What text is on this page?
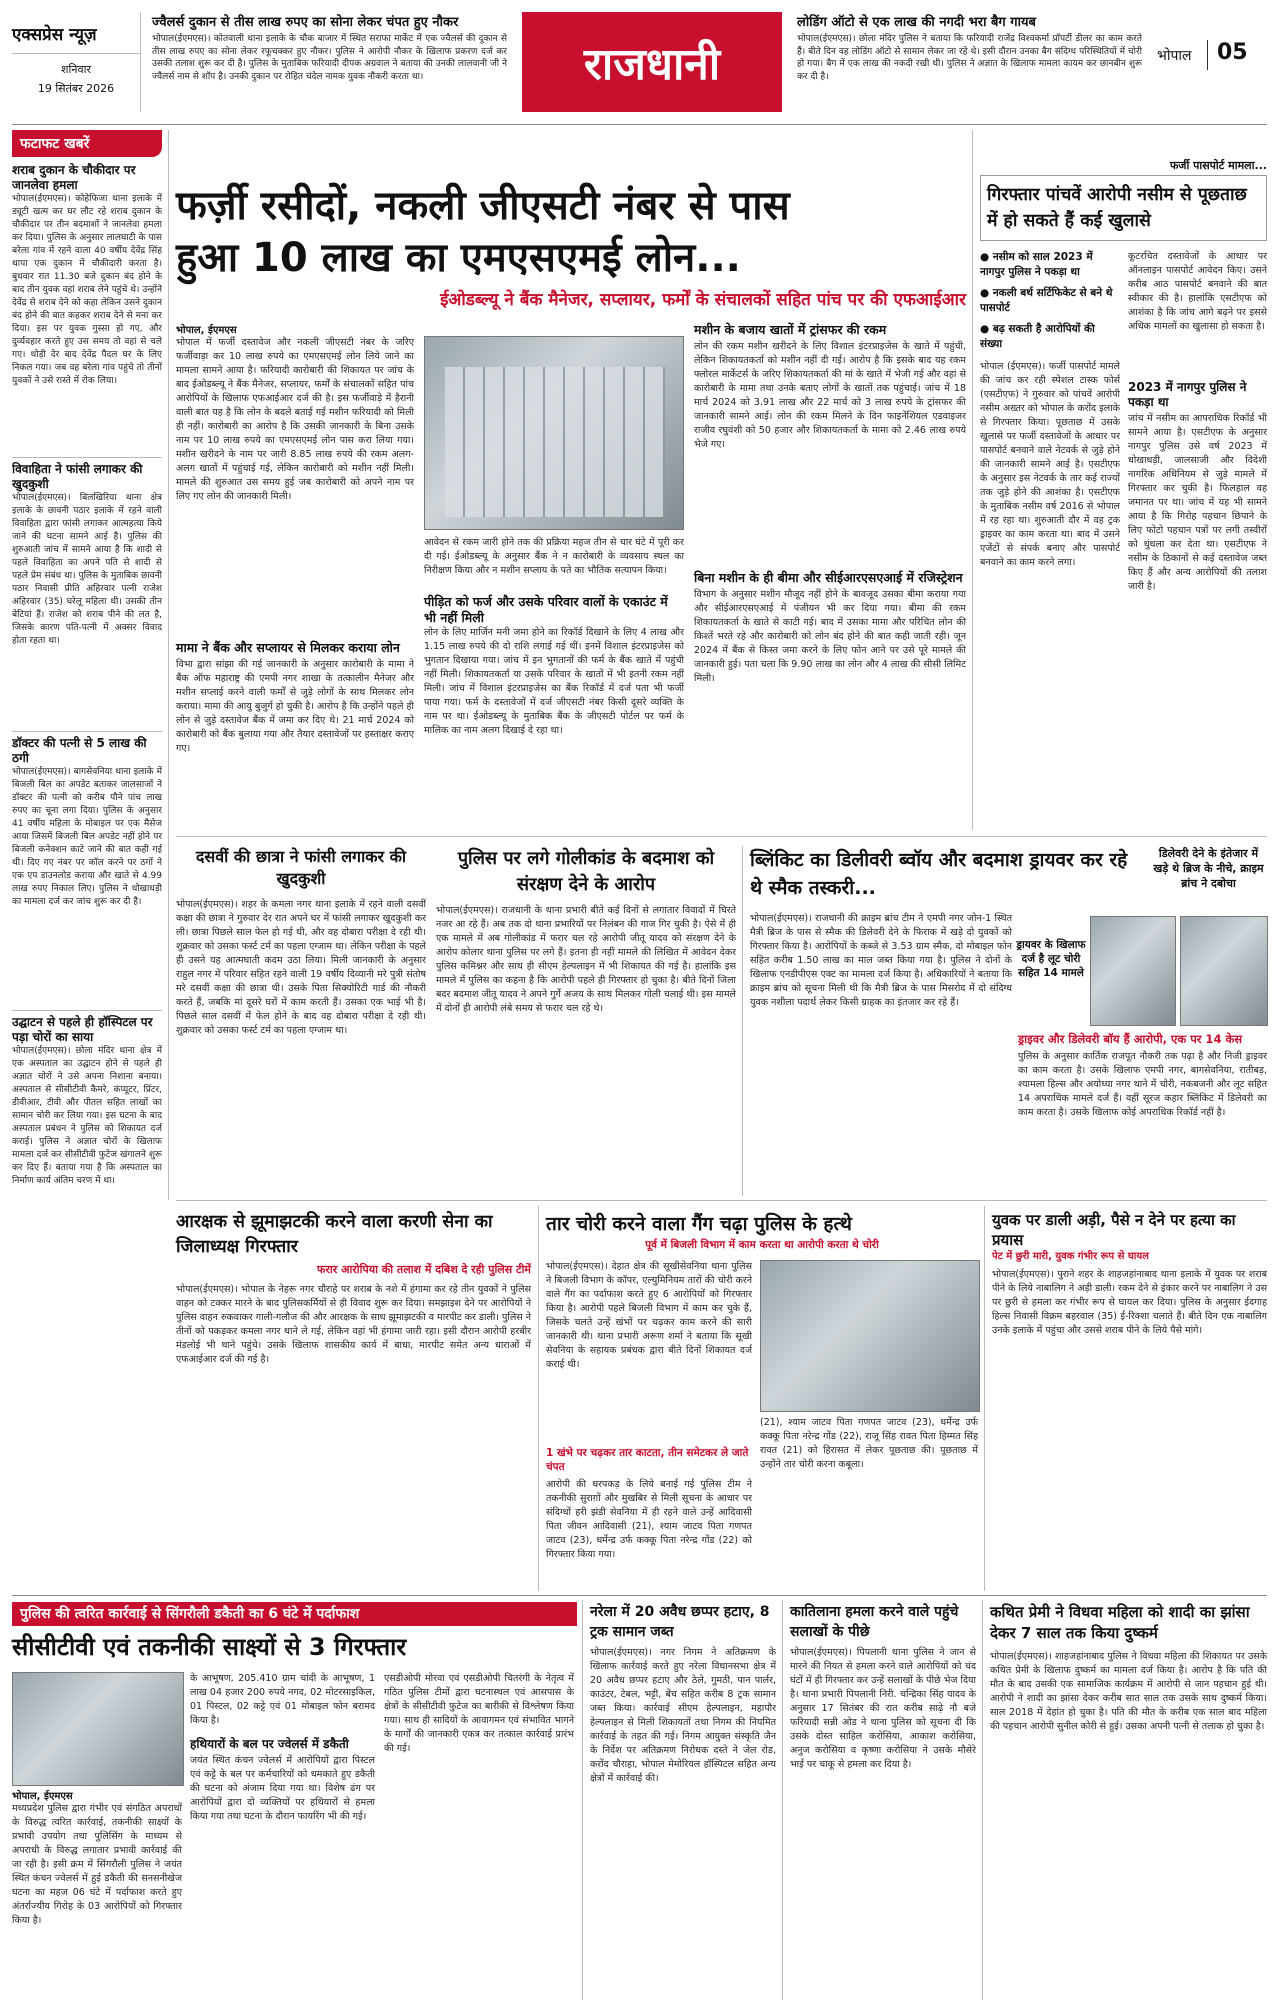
एक्सप्रेस न्यूज़
शनिवार
19 सितंबर 2026
ज्वैलर्स दुकान से तीस लाख रुपए का सोना लेकर चंपत हुए नौकर
भोपाल(ईएमएस)। कोतवाली थाना इलाके के चौक बाजार में स्थित सराफा मार्केट में एक ज्वैलर्स की दुकान से तीस लाख रुपए का सोना लेकर रफूचक्कर हुए नौकर। पुलिस ने आरोपी नौकर के खिलाफ प्रकरण दर्ज कर उसकी तलाश शुरू कर दी है। पुलिस के मुताबिक फरियादी दीपक अग्रवाल ने बताया की उनकी लालवानी जी ने ज्वैलर्स नाम से शॉप है। उनकी दुकान पर रोहित चंदेल नामक युवक नौकरी करता था।	राजधानी
लोडिंग ऑटो से एक लाख की नगदी भरा बैग गायब
भोपाल(ईएमएस)। छोला मंदिर पुलिस ने बताया कि फरियादी राजेंद्र विश्वकर्मा प्रॉपर्टी डीलर का काम करते हैं। बीते दिन वह लोडिंग ऑटो से सामान लेकर जा रहे थे। इसी दौरान उनका बैग संदिग्ध परिस्थितियों में चोरी हो गया। बैग में एक लाख की नकदी रखी थी। पुलिस ने अज्ञात के खिलाफ मामला कायम कर छानबीन शुरू कर दी है।
भोपाल 05
फटाफट खबरें
शराब दुकान के चौकीदार पर जानलेवा हमला
भोपाल(ईएमएस)। कोहेफिजा थाना इलाके में ड्यूटी खत्म कर घर लौट रहे शराब दुकान के चौकीदार पर तीन बदमाशों ने जानलेवा हमला कर दिया। पुलिस के अनुसार लालघाटी के पास बरेला गांव में रहने वाला 40 वर्षीय देवेंद्र सिंह थापा एक दुकान में चौकीदारी करता है। बुधवार रात 11.30 बजे दुकान बंद होने के बाद तीन युवक वहां शराब लेने पहुंचे थे। उन्होंने देवेंद्र से शराब देने को कहा लेकिन उसने दुकान बंद होने की बात कहकर शराब देने से मना कर दिया। इस पर युवक गुस्सा हो गए, और दुर्व्यवहार करते हुए उस समय तो वहां से चले गए। थोड़ी देर बाद देवेंद्र पैदल घर के लिए निकल गया। जब वह बरेला गांव पहुंचे तो तीनों युवकों ने उसे रास्ते में रोक लिया।
विवाहिता ने फांसी लगाकर की खुदकुशी
भोपाल(ईएमएस)। बिलखिरिया थाना क्षेत्र इलाके के छावनी पठार इलाके में रहने वाली विवाहिता द्वारा फांसी लगाकर आत्महत्या किये जाने की घटना सामने आई है। पुलिस की शुरुआती जांच में सामने आया है कि शादी से पहले विवाहिता का अपने पति से शादी से पहले प्रेम संबंध था। पुलिस के मुताबिक छावनी पठार निवासी प्रीति अहिरवार पत्नी राजेश अहिरवार (35) घरेलू महिला थी। उसकी तीन बेटियां हैं। राजेश को शराब पीने की लत है, जिसके कारण पति-पत्नी में अक्सर विवाद होता रहता था।
डॉक्टर की पत्नी से 5 लाख की ठगी
भोपाल(ईएमएस)। बागसेवनिया थाना इलाके में बिजली बिल का अपडेट बताकर जालसाजों ने डॉक्टर की पत्नी को करीब पौने पांच लाख रुपए का चूना लगा दिया। पुलिस के अनुसार 41 वर्षीय महिला के मोबाइल पर एक मैसेज आया जिसमें बिजली बिल अपडेट नहीं होने पर बिजली कनेक्शन काटे जाने की बात कही गई थी। दिए गए नंबर पर कॉल करने पर ठगों ने एक एप डाउनलोड कराया और खाते से 4.99 लाख रुपए निकाल लिए। पुलिस ने धोखाधड़ी का मामला दर्ज कर जांच शुरू कर दी है।
उद्घाटन से पहले ही हॉस्पिटल पर पड़ा चोरों का साया
भोपाल(ईएमएस)। छोला मंदिर थाना क्षेत्र में एक अस्पताल का उद्घाटन होने से पहले ही अज्ञात चोरों ने उसे अपना निशाना बनाया। अस्पताल से सीसीटीवी कैमरे, कंप्यूटर, प्रिंटर, डीवीआर, टीवी और पीतल सहित लाखों का सामान चोरी कर लिया गया। इस घटना के बाद अस्पताल प्रबंधन ने पुलिस को शिकायत दर्ज कराई। पुलिस ने अज्ञात चोरों के खिलाफ मामला दर्ज कर सीसीटीवी फुटेज खंगालने शुरू कर दिए हैं। बताया गया है कि अस्पताल का निर्माण कार्य अंतिम चरण में था।
फर्ज़ी रसीदों, नकली जीएसटी नंबर से पास
हुआ 10 लाख का एमएसएमई लोन...
ईओडब्ल्यू ने बैंक मैनेजर, सप्लायर, फर्मों के संचालकों सहित पांच पर की एफआईआर
भोपाल, ईएमएस
भोपाल में फर्जी दस्तावेज और नकली जीएसटी नंबर के जरिए फर्जीवाड़ा कर 10 लाख रुपये का एमएसएमई लोन लिये जाने का मामला सामने आया है। फरियादी कारोबारी की शिकायत पर जांच के बाद ईओडब्ल्यू ने बैंक मैनेजर, सप्लायर, फर्मों के संचालकों सहित पांच आरोपियों के खिलाफ एफआईआर दर्ज की है। इस फर्जीवाड़े में हैरानी वाली बात यह है कि लोन के बदले बताई गई मशीन फरियादी को मिली ही नहीं। कारोबारी का आरोप है कि उसकी जानकारी के बिना उसके नाम पर 10 लाख रुपये का एमएसएमई लोन पास करा लिया गया। मशीन खरीदने के नाम पर जारी 8.85 लाख रुपये की रकम अलग-अलग खातों में पहुंचाई गई, लेकिन कारोबारी को मशीन नहीं मिली। मामले की शुरुआत उस समय हुई जब कारोबारी को अपने नाम पर लिए गए लोन की जानकारी मिली।
आवेदन से रकम जारी होने तक की प्रक्रिया महज तीन से चार घंटे में पूरी कर दी गई। ईओडब्ल्यू के अनुसार बैंक ने न कारोबारी के व्यवसाय स्थल का निरीक्षण किया और न मशीन सप्लाय के पते का भौतिक सत्यापन किया।
पीड़ित को फर्ज और उसके परिवार वालों के एकाउंट में भी नहीं मिली
मामा ने बैंक और सप्लायर से मिलकर कराया लोन
विभा द्वारा सांझा की गई जानकारी के अनुसार कारोबारी के मामा ने बैंक ऑफ महाराष्ट्र की एमपी नगर शाखा के तत्कालीन मैनेजर और मशीन सप्लाई करने वाली फर्मों से जुड़े लोगों के साथ मिलकर लोन कराया। मामा की आयु बुजुर्ग हो चुकी है। आरोप है कि उन्होंने पहले ही लोन से जुड़े दस्तावेज बैंक में जमा कर दिए थे। 21 मार्च 2024 को कारोबारी को बैंक बुलाया गया और तैयार दस्तावेजों पर हस्ताक्षर कराए गए।
लोन के लिए मार्जिन मनी जमा होने का रिकॉर्ड दिखाने के लिए 4 लाख और 1.15 लाख रुपये की दो राशि लगाई गई थीं। इनमें विशाल इंटरप्राइजेस को भुगतान दिखाया गया। जांच में इन भुगतानों की फर्म के बैंक खाते में पहुंची नहीं मिली। शिकायतकर्ता या उसके परिवार के खातों में भी इतनी रकम नहीं मिली। जांच में विशाल इंटरप्राइजेस का बैंक रिकॉर्ड में दर्ज पता भी फर्जी पाया गया। फर्म के दस्तावेजों में दर्ज जीएसटी नंबर किसी दूसरे व्यक्ति के नाम पर था। ईओडब्ल्यू के मुताबिक बैंक के जीएसटी पोर्टल पर फर्म के मालिक का नाम अलग दिखाई दे रहा था।
मशीन के बजाय खातों में ट्रांसफर की रकम
लोन की रकम मशीन खरीदने के लिए विशाल इंटरप्राइजेस के खाते में पहुंची, लेकिन शिकायतकर्ता को मशीन नहीं दी गई। आरोप है कि इसके बाद यह रकम फ्लोरल मार्केटर्स के जरिए शिकायतकर्ता की मां के खाते में भेजी गई और वहां से कारोबारी के मामा तथा उनके बताए लोगों के खातों तक पहुंचाई। जांच में 18 मार्च 2024 को 3.91 लाख और 22 मार्च को 3 लाख रुपये के ट्रांसफर की जानकारी सामने आई। लोन की रकम मिलने के दिन फाइनेंशियल एडवाइजर राजीव रघुवंशी को 50 हजार और शिकायतकर्ता के मामा को 2.46 लाख रुपये भेजे गए।
बिना मशीन के ही बीमा और सीईआरएसएआई में रजिस्ट्रेशन
विभाग के अनुसार मशीन मौजूद नहीं होने के बावजूद उसका बीमा कराया गया और सीईआरएसएआई में पंजीयन भी कर दिया गया। बीमा की रकम शिकायतकर्ता के खाते से काटी गई। बाद में उसका मामा और परिचित लोन की किश्तें भरते रहे और कारोबारी को लोन बंद होने की बात कही जाती रही। जून 2024 में बैंक से किस्त जमा करने के लिए फोन आने पर उसे पूरे मामले की जानकारी हुई। पता चला कि 9.90 लाख का लोन और 4 लाख की सीसी लिमिट मिली।
फर्जी पासपोर्ट मामला...
गिरफ्तार पांचवें आरोपी नसीम से पूछताछ में हो सकते हैं कई खुलासे
● नसीम को साल 2023 में नागपुर पुलिस ने पकड़ा था
● नकली बर्थ सर्टिफिकेट से बने थे पासपोर्ट
● बढ़ सकती है आरोपियों की संख्या
भोपाल (ईएमएस)। फर्जी पासपोर्ट मामले की जांच कर रही स्पेशल टास्क फोर्स (एसटीएफ) ने गुरुवार को पांचवें आरोपी नसीम अख्तर को भोपाल के करोंद इलाके से गिरफ्तार किया। पूछताछ में उसके खुलासे पर फर्जी दस्तावेजों के आधार पर पासपोर्ट बनवाने वाले नेटवर्क से जुड़े होने की जानकारी सामने आई है। एसटीएफ के अनुसार इस नेटवर्क के तार कई राज्यों तक जुड़े होने की आशंका है। एसटीएफ के मुताबिक नसीम वर्ष 2016 से भोपाल में रह रहा था। शुरुआती दौर में वह ट्रक ड्राइवर का काम करता था। बाद में उसने एजेंटों से संपर्क बनाए और पासपोर्ट बनवाने का काम करने लगा।
कूटरचित दस्तावेजों के आधार पर ऑनलाइन पासपोर्ट आवेदन किए। उसने करीब आठ पासपोर्ट बनवाने की बात स्वीकार की है। हालांकि एसटीएफ को आशंका है कि जांच आगे बढ़ने पर इससे अधिक मामलों का खुलासा हो सकता है।
2023 में नागपुर पुलिस ने पकड़ा था
जांच में नसीम का आपराधिक रिकॉर्ड भी सामने आया है। एसटीएफ के अनुसार नागपुर पुलिस उसे वर्ष 2023 में धोखाधड़ी, जालसाजी और विदेशी नागरिक अधिनियम से जुड़े मामले में गिरफ्तार कर चुकी है। फिलहाल वह जमानत पर था। जांच में यह भी सामने आया है कि गिरोह पहचान छिपाने के लिए फोटो पहचान पत्रों पर लगी तस्वीरों को धुंधला कर देता था। एसटीएफ ने नसीम के ठिकानों से कई दस्तावेज जब्त किए हैं और अन्य आरोपियों की तलाश जारी है।
दसवीं की छात्रा ने फांसी लगाकर की खुदकुशी
भोपाल(ईएमएस)। शहर के कमला नगर थाना इलाके में रहने वाली दसवीं कक्षा की छात्रा ने गुरुवार देर रात अपने घर में फांसी लगाकर खुदकुशी कर ली। छात्रा पिछले साल फेल हो गई थी, और वह दोबारा परीक्षा दे रही थी। शुक्रवार को उसका फर्स्ट टर्म का पहला एग्जाम था। लेकिन परीक्षा के पहले ही उसने यह आत्मघाती कदम उठा लिया। मिली जानकारी के अनुसार राहुल नगर में परिवार सहित रहने वाली 19 वर्षीय दिव्यानी मरे पुत्री संतोष मरे दसवीं कक्षा की छात्रा थी। उसके पिता सिक्योरिटी गार्ड की नौकरी करते हैं, जबकि मां दूसरे घरों में काम करती हैं। उसका एक भाई भी है। पिछले साल दसवीं में फेल होने के बाद वह दोबारा परीक्षा दे रही थी। शुक्रवार को उसका फर्स्ट टर्म का पहला एग्जाम था।
पुलिस पर लगे गोलीकांड के बदमाश को संरक्षण देने के आरोप
भोपाल(ईएमएस)। राजधानी के थाना प्रभारी बीते कई दिनों से लगातार विवादों में घिरते नजर आ रहे हैं। अब तक दो थाना प्रभारियों पर निलंबन की गाज गिर चुकी है। ऐसे में ही एक मामले में अब गोलीकांड में फरार चल रहे आरोपी जीतू यादव को संरक्षण देने के आरोप कोलार थाना पुलिस पर लगे हैं। इतना ही नहीं मामले की लिखित में आवेदन देकर पुलिस कमिश्नर और साथ ही सीएम हेल्पलाइन में भी शिकायत की गई है। हालांकि इस मामले में पुलिस का कहना है कि आरोपी पहले ही गिरफ्तार हो चुका है। बीते दिनों जिला बदर बदमाश जीतू यादव ने अपने गुर्गे अजय के साथ मिलकर गोली चलाई थी। इस मामले में दोनों ही आरोपी लंबे समय से फरार चल रहे थे।
ब्लिंकिट का डिलीवरी ब्वॉय और बदमाश ड्रायवर कर रहे थे स्मैक तस्करी...
डिलेवरी देने के इंतेजार में खड़े थे ब्रिज के नीचे, क्राइम ब्रांच ने दबोचा
भोपाल(ईएमएस)। राजधानी की क्राइम ब्रांच टीम ने एमपी नगर जोन-1 स्थित मैत्री ब्रिज के पास से स्मैक की डिलेवरी देने के फिराक में खड़े दो युवकों को गिरफ्तार किया है। आरोपियों के कब्जे से 3.53 ग्राम स्मैक, दो मोबाइल फोन सहित करीब 1.50 लाख का माल जब्त किया गया है। पुलिस ने दोनों के खिलाफ एनडीपीएस एक्ट का मामला दर्ज किया है। अधिकारियों ने बताया कि क्राइम ब्रांच को सूचना मिली थी कि मैत्री ब्रिज के पास मिसरोद में दो संदिग्ध युवक नशीला पदार्थ लेकर किसी ग्राहक का इंतजार कर रहे हैं।
ड्रायवर के खिलाफ दर्ज है लूट चोरी सहित 14 मामले
ड्राइवर और डिलेवरी बॉय हैं आरोपी, एक पर 14 केस
पुलिस के अनुसार कार्तिक राजपूत नौकरी तक पढ़ा है और निजी ड्राइवर का काम करता है। उसके खिलाफ एमपी नगर, बागसेवनिया, रातीबड़, श्यामला हिल्स और अयोध्या नगर थाने में चोरी, नकबजनी और लूट सहित 14 अपराधिक मामले दर्ज हैं। वहीं सूरज कहार ब्लिंकिट में डिलेवरी का काम करता है। उसके खिलाफ कोई अपराधिक रिकॉर्ड नहीं है।
आरक्षक से झूमाझटकी करने वाला करणी सेना का जिलाध्यक्ष गिरफ्तार
फरार आरोपिया की तलाश में दबिश दे रही पुलिस टीमें
भोपाल(ईएमएस)। भोपाल के नेहरू नगर चौराहे पर शराब के नशे में हंगामा कर रहे तीन युवकों ने पुलिस वाहन को टक्कर मारने के बाद पुलिसकर्मियों से ही विवाद शुरू कर दिया। समझाइश देने पर आरोपियों ने पुलिस वाहन रुकवाकर गाली-गलौज की और आरक्षक के साथ झूमाझटकी व मारपीट कर डाली। पुलिस ने तीनों को पकड़कर कमला नगर थाने ले गई, लेकिन वहां भी हंगामा जारी रहा। इसी दौरान आरोपी हरबीर मंडलोई भी थाने पहुंचे। उसके खिलाफ शासकीय कार्य में बाधा, मारपीट समेत अन्य धाराओं में एफआईआर दर्ज की गई है।
तार चोरी करने वाला गैंग चढ़ा पुलिस के हत्थे
पूर्व में बिजली विभाग में काम करता था आरोपी करता थे चोरी
भोपाल(ईएमएस)। देहात क्षेत्र की सूखीसेवनिया थाना पुलिस ने बिजली विभाग के कॉपर, एल्युमिनियम तारों की चोरी करने वाले गैंग का पर्दाफाश करते हुए 6 आरोपियों को गिरफ्तार किया है। आरोपी पहले बिजली विभाग में काम कर चुके हैं, जिसके चलते उन्हें खंभों पर चढ़कर काम करने की सारी जानकारी थी। थाना प्रभारी अरूण शर्मा ने बताया कि सूखी सेवनिया के सहायक प्रबंधक द्वारा बीते दिनों शिकायत दर्ज कराई थी।
(21), श्याम जाटव पिता गणपत जाटव (23), धर्मेन्द्र उर्फ कक्कू पिता नरेन्द्र गोंड (22), राजू सिंह रावत पिता हिम्मत सिंह रावत (21) को हिरासत में लेकर पूछताछ की। पूछताछ में उन्होंने तार चोरी करना कबूला।
1 खंभे पर चढ़कर तार काटता, तीन समेटकर ले जाते चंपत
आरोपी की धरपकड़ के लिये बनाई गई पुलिस टीम ने तकनीकी सुराग़ों और मुखबिर से मिली सूचना के आधार पर संदिग्धों हरी झंडी सेवनिया में ही रहने वाले उन्हें आदिवासी पिता जीवन आदिवासी (21), श्याम जाटव पिता गणपत जाटव (23), धर्मेन्द्र उर्फ कक्कू पिता नरेन्द्र गोंड (22) को गिरफ्तार किया गया।
युवक पर डाली अड़ी, पैसे न देने पर हत्या का प्रयास
पेट में छुरी मारी, युवक गंभीर रूप से घायल
भोपाल(ईएमएस)। पुराने शहर के शाहजहांनाबाद थाना इलाके में युवक पर शराब पीने के लिये नाबालिग ने अड़ी डाली। रकम देने से इंकार करने पर नाबालिग ने उस पर छुरी से हमला कर गंभीर रूप से घायल कर दिया। पुलिस के अनुसार ईदगाह हिल्स निवासी विक्रम बहरवाल (35) ई-रिक्शा चलाते हैं। बीते दिन एक नाबालिग उनके इलाके में पहुंचा और उससे शराब पीने के लिये पैसे मांगे।
पुलिस की त्वरित कार्रवाई से सिंगरौली डकैती का 6 घंटे में पर्दाफाश
सीसीटीवी एवं तकनीकी साक्ष्यों से 3 गिरफ्तार
भोपाल, ईएमएस
मध्यप्रदेश पुलिस द्वारा गंभीर एवं संगठित अपराधों के विरुद्ध त्वरित कार्रवाई, तकनीकी साक्ष्यों के प्रभावी उपयोग तथा पुलिसिंग के माध्यम से अपराधी के विरुद्ध लगातार प्रभावी कार्रवाई की जा रही है। इसी क्रम में सिंगरौली पुलिस ने जयंत स्थित कंचन ज्वेलर्स में हुई डकैती की सनसनीखेज घटना का महज 06 घंटे में पर्दाफाश करते हुए अंतर्राज्यीय गिरोह के 03 आरोपियों को गिरफ्तार किया है।
के आभूषण, 205.410 ग्राम चांदी के आभूषण, 1 लाख 04 हजार 200 रुपये नगद, 02 मोटरसाइकिल, 01 पिस्टल, 02 कट्टे एवं 01 मोबाइल फोन बरामद किया है।
हथियारों के बल पर ज्वेलर्स में डकैती
जयंत स्थित कंचन ज्वेलर्स में आरोपियों द्वारा पिस्टल एवं कट्टे के बल पर कर्मचारियों को धमकाते हुए डकैती की घटना को अंजाम दिया गया था। विशेष ढंग पर आरोपियों द्वारा दो व्यक्तियों पर हथियारों से हमला किया गया तथा घटना के दौरान फायरिंग भी की गई।
एसडीओपी मोरवा एवं एसडीओपी चितरंगी के नेतृत्व में गठित पुलिस टीमों द्वारा घटनास्थल एवं आसपास के क्षेत्रों के सीसीटीवी फुटेज का बारीकी से विश्लेषण किया गया। साथ ही सादियों के आवागमन एवं संभावित भागने के मार्गों की जानकारी एकत्र कर तत्काल कार्रवाई प्रारंभ की गई।
नरेला में 20 अवैध छप्पर हटाए, 8 ट्रक सामान जब्त
भोपाल(ईएमएस)। नगर निगम ने अतिक्रमण के खिलाफ कार्रवाई करते हुए नरेला विधानसभा क्षेत्र में 20 अवैध छप्पर हटाए और ठेले, गुमठी, पान पार्लर, काउंटर, टेबल, भट्टी, बेंच सहित करीब 8 ट्रक सामान जब्त किया। कार्रवाई सीएम हेल्पलाइन, महापौर हेल्पलाइन से मिली शिकायतों तथा निगम की नियमित कार्रवाई के तहत की गई। निगम आयुक्त संस्कृति जैन के निर्देश पर अतिक्रमण निरोधक दस्ते ने जेल रोड, करोंद चौराहा, भोपाल मेमोरियल हॉस्पिटल सहित अन्य क्षेत्रों में कार्रवाई की।
कातिलाना हमला करने वाले पहुंचे सलाखों के पीछे
भोपाल(ईएमएस)। पिपलानी थाना पुलिस ने जान से मारने की नियत से हमला करने वाले आरोपियों को चंद घंटों में ही गिरफ्तार कर उन्हें सलाखों के पीछे भेज दिया है। थाना प्रभारी पिपलानी निरी. चन्द्रिका सिंह यादव के अनुसार 17 सितंबर की रात करीब साढ़े नौ बजे फरियादी सन्नी ओड ने थाना पुलिस को सूचना दी कि उसके दोस्त साहिल करोसिया, आकाश करोसिया, अनुज करोसिया व कृष्णा करोसिया ने उसके मौसेरे भाई पर चाकू से हमला कर दिया है।
कथित प्रेमी ने विधवा महिला को शादी का झांसा देकर 7 साल तक किया दुष्कर्म
भोपाल(ईएमएस)। शाहजहांनाबाद पुलिस ने विधवा महिला की शिकायत पर उसके कथित प्रेमी के खिलाफ दुष्कर्म का मामला दर्ज किया है। आरोप है कि पति की मौत के बाद उसकी एक सामाजिक कार्यक्रम में आरोपी से जान पहचान हुई थी। आरोपी ने शादी का झांसा देकर करीब सात साल तक उसके साथ दुष्कर्म किया। साल 2018 में देहांत हो चुका है। पति की मौत के करीब एक साल बाद महिला की पहचान आरोपी सुनील कोरी से हुई। उसका अपनी पत्नी से तलाक हो चुका है।
